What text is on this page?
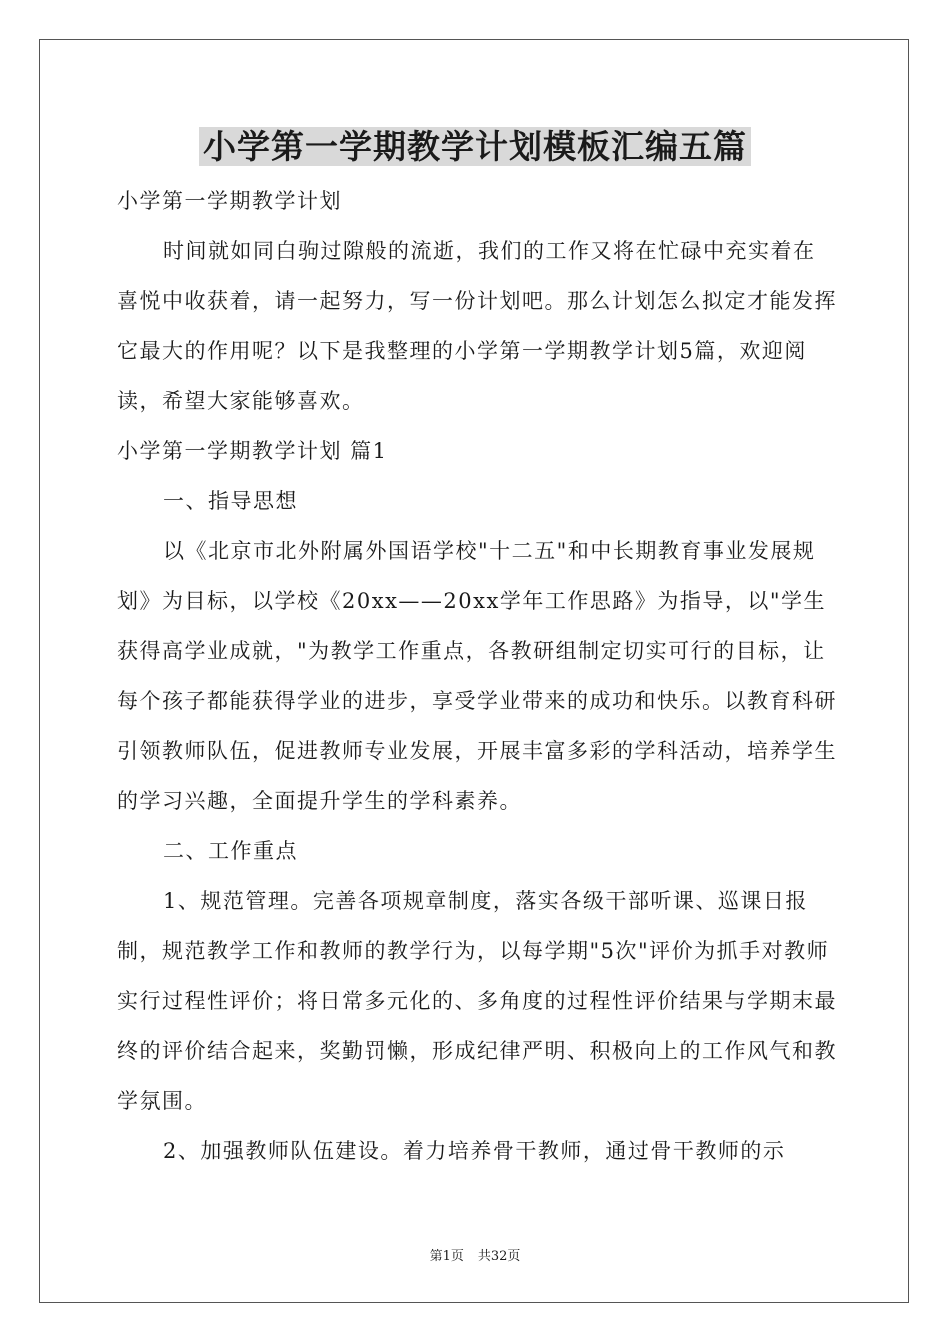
小学第一学期教学计划模板汇编五篇

小学第一学期教学计划

时间就如同白驹过隙般的流逝，我们的工作又将在忙碌中充实着在喜悦中收获着，请一起努力，写一份计划吧。那么计划怎么拟定才能发挥它最大的作用呢？以下是我整理的小学第一学期教学计划5篇，欢迎阅读，希望大家能够喜欢。

小学第一学期教学计划 篇1

一、指导思想

以《北京市北外附属外国语学校"十二五"和中长期教育事业发展规划》为目标，以学校《20xx——20xx学年工作思路》为指导，以"学生获得高学业成就，"为教学工作重点，各教研组制定切实可行的目标，让每个孩子都能获得学业的进步，享受学业带来的成功和快乐。以教育科研引领教师队伍，促进教师专业发展，开展丰富多彩的学科活动，培养学生的学习兴趣，全面提升学生的学科素养。

二、工作重点

1、规范管理。完善各项规章制度，落实各级干部听课、巡课日报制，规范教学工作和教师的教学行为，以每学期"5次"评价为抓手对教师实行过程性评价；将日常多元化的、多角度的过程性评价结果与学期末最终的评价结合起来，奖勤罚懒，形成纪律严明、积极向上的工作风气和教学氛围。

2、加强教师队伍建设。着力培养骨干教师，通过骨干教师的示

第1页 共32页
